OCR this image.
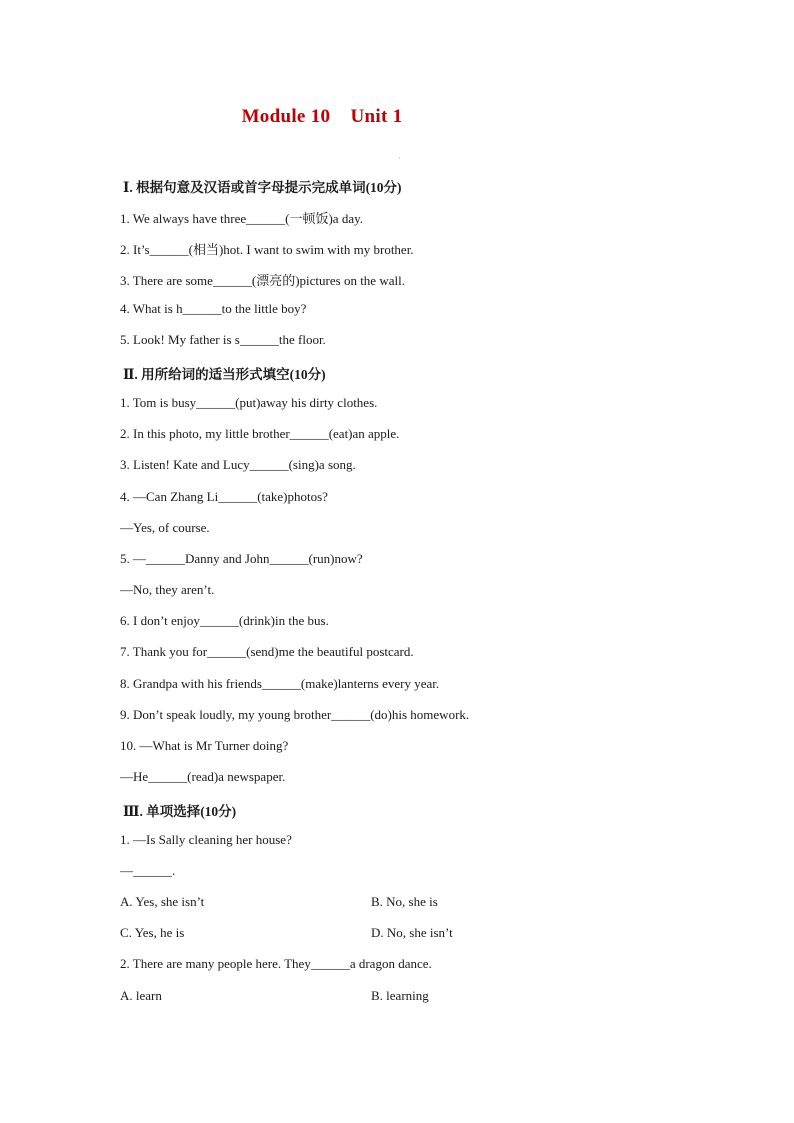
Module 10    Unit 1
·
Ⅰ. 根据句意及汉语或首字母提示完成单词(10分)
1. We always have three______(一顿饭)a day.
2. It’s______(相当)hot. I want to swim with my brother.
3. There are some______(漂亮的)pictures on the wall.
4. What is h______to the little boy?
5. Look! My father is s______the floor.
Ⅱ. 用所给词的适当形式填空(10分)
1. Tom is busy______(put)away his dirty clothes.
2. In this photo, my little brother______(eat)an apple.
3. Listen! Kate and Lucy______(sing)a song.
4. —Can Zhang Li______(take)photos?
—Yes, of course.
5. —______Danny and John______(run)now?
—No, they aren’t.
6. I don’t enjoy______(drink)in the bus.
7. Thank you for______(send)me the beautiful postcard.
8. Grandpa with his friends______(make)lanterns every year.
9. Don’t speak loudly, my young brother______(do)his homework.
10. —What is Mr Turner doing?
—He______(read)a newspaper.
Ⅲ. 单项选择(10分)
1. —Is Sally cleaning her house?
—______.
A. Yes, she isn’t	B. No, she is
C. Yes, he is	D. No, she isn’t
2. There are many people here. They______a dragon dance.
A. learn	B. learning
